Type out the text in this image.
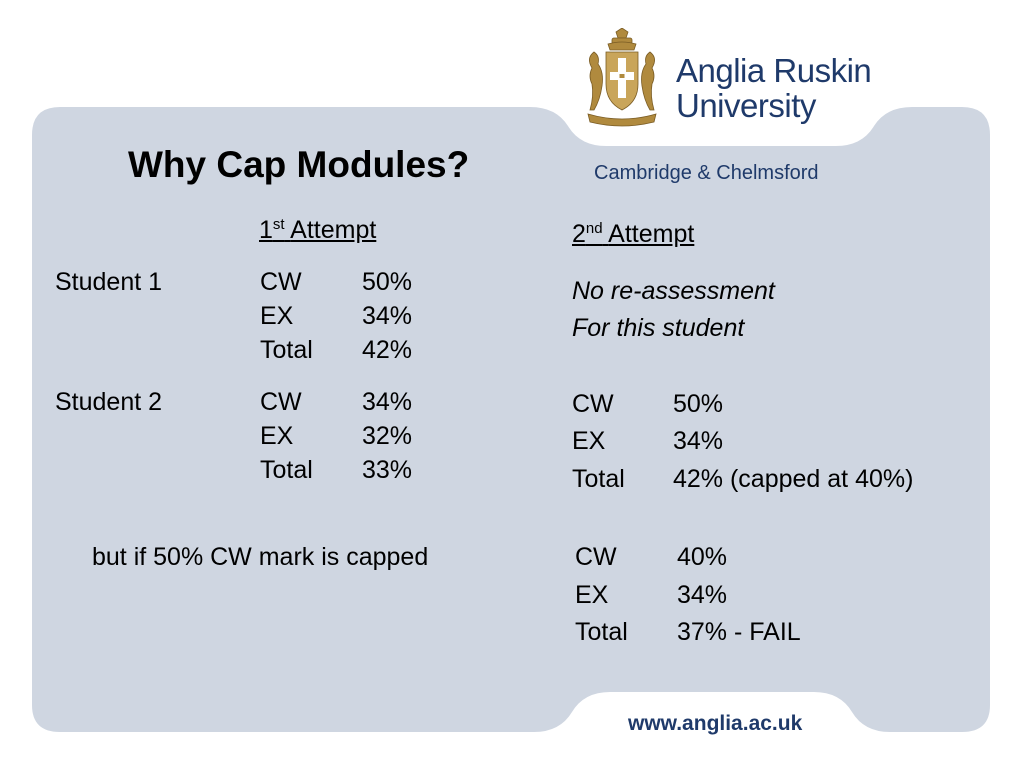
Anglia Ruskin
University
Cambridge & Chelmsford
Why Cap Modules?
1st Attempt	2nd Attempt
Student 1	CW 50%
EX	34%
Total 42%
Student 2	CW 34%
EX	32%
Total 33%
No re-assessment
For this student
CW 50%
EX	34%
Total 42% (capped at 40%)
but if 50% CW mark is capped	CW 40%
EX	34%
Total 37% - FAIL
www.anglia.ac.uk
